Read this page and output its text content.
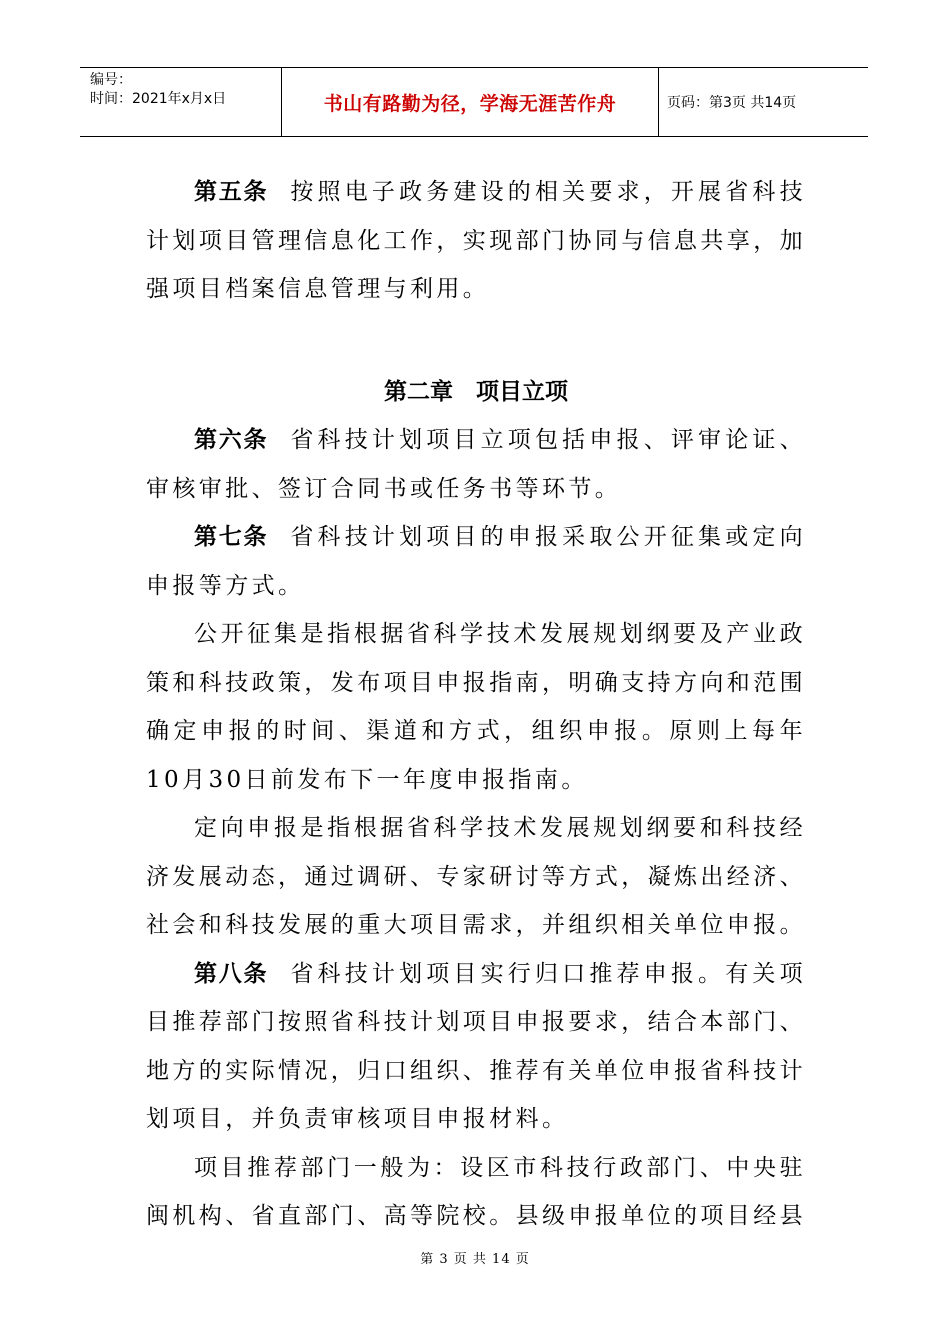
编号：
时间：2021年x月x日	书山有路勤为径，学海无涯苦作舟	页码：第3页 共14页

第五条 按照电子政务建设的相关要求，开展省科技计划项目管理信息化工作，实现部门协同与信息共享，加强项目档案信息管理与利用。

第二章　项目立项

第六条 省科技计划项目立项包括申报、评审论证、审核审批、签订合同书或任务书等环节。

第七条 省科技计划项目的申报采取公开征集或定向申报等方式。

公开征集是指根据省科学技术发展规划纲要及产业政策和科技政策，发布项目申报指南，明确支持方向和范围确定申报的时间、渠道和方式，组织申报。原则上每年10月30日前发布下一年度申报指南。

定向申报是指根据省科学技术发展规划纲要和科技经济发展动态，通过调研、专家研讨等方式，凝炼出经济、社会和科技发展的重大项目需求，并组织相关单位申报。

第八条 省科技计划项目实行归口推荐申报。有关项目推荐部门按照省科技计划项目申报要求，结合本部门、地方的实际情况，归口组织、推荐有关单位申报省科技计划项目，并负责审核项目申报材料。

项目推荐部门一般为：设区市科技行政部门、中央驻闽机构、省直部门、高等院校。县级申报单位的项目经县

第 3 页 共 14 页
